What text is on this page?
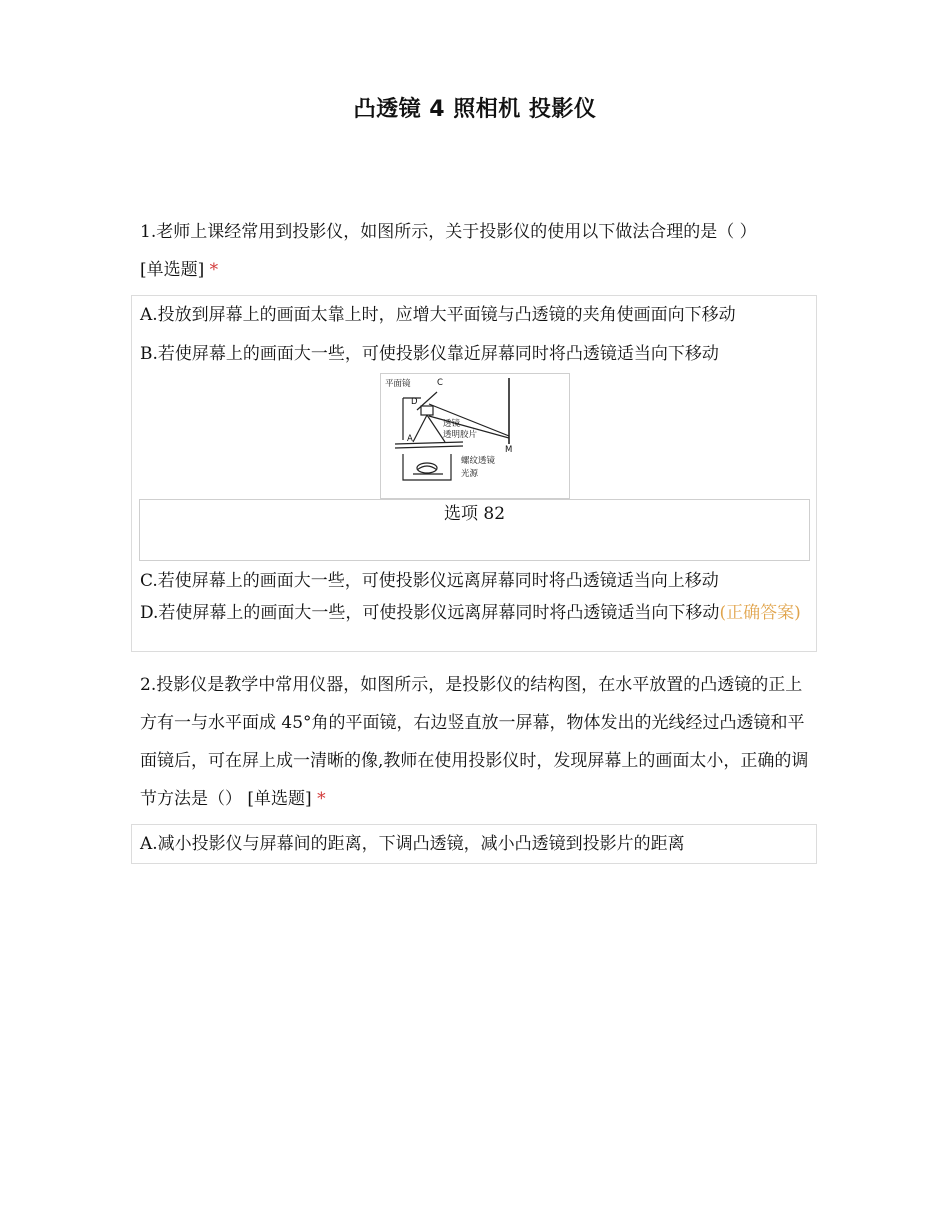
凸透镜 4 照相机 投影仪
1.老师上课经常用到投影仪，如图所示，关于投影仪的使用以下做法合理的是（ ）
[单选题] *
A.投放到屏幕上的画面太靠上时，应增大平面镜与凸透镜的夹角使画面向下移动
B.若使屏幕上的画面大一些，可使投影仪靠近屏幕同时将凸透镜适当向下移动
平面镜	C
D
透镜
透明胶片
A
M
螺纹透镜
光源
选项 82
C.若使屏幕上的画面大一些，可使投影仪远离屏幕同时将凸透镜适当向上移动
D.若使屏幕上的画面大一些，可使投影仪远离屏幕同时将凸透镜适当向下移动(正确答案)
2.投影仪是教学中常用仪器，如图所示，是投影仪的结构图，在水平放置的凸透镜的正上方有一与水平面成 45°角的平面镜，右边竖直放一屏幕，物体发出的光线经过凸透镜和平面镜后，可在屏上成一清晰的像,教师在使用投影仪时，发现屏幕上的画面太小，正确的调节方法是（） [单选题] *
A.减小投影仪与屏幕间的距离，下调凸透镜，减小凸透镜到投影片的距离
